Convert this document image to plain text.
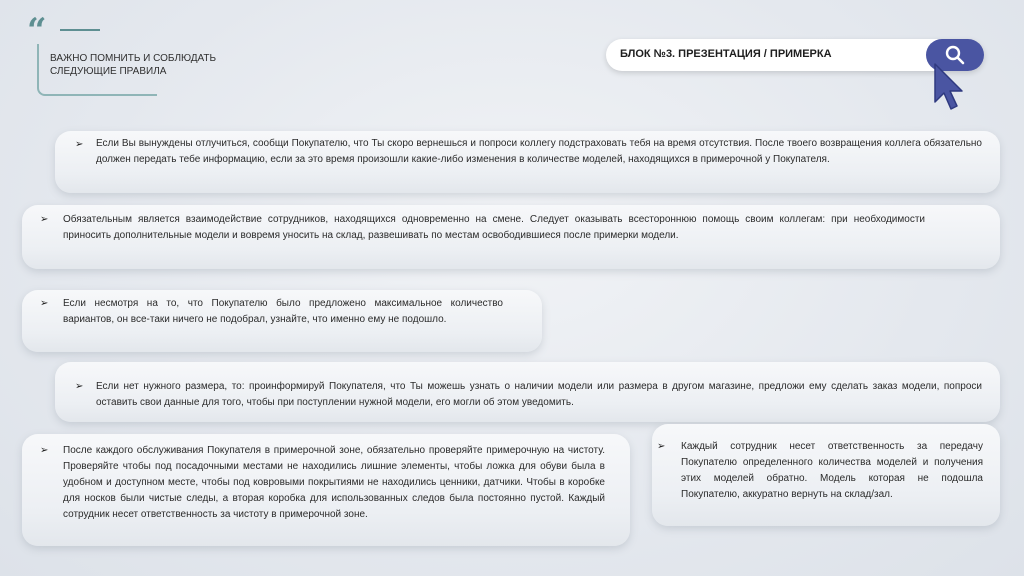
“
ВАЖНО ПОМНИТЬ И СОБЛЮДАТЬ
СЛЕДУЮЩИЕ ПРАВИЛА
БЛОК №3. ПРЕЗЕНТАЦИЯ / ПРИМЕРКА
➢ Если Вы вынуждены отлучиться, сообщи Покупателю, что Ты скоро вернешься и попроси коллегу подстраховать тебя на время отсутствия. После твоего возвращения коллега обязательно должен передать тебе информацию, если за это время произошли какие-либо изменения в количестве моделей, находящихся в примерочной у Покупателя.
➢ Обязательным является взаимодействие сотрудников, находящихся одновременно на смене. Следует оказывать всестороннюю помощь своим коллегам: при необходимости приносить дополнительные модели и вовремя уносить на склад, развешивать по местам освободившиеся после примерки модели.
➢ Если несмотря на то, что Покупателю было предложено максимальное количество вариантов, он все-таки ничего не подобрал, узнайте, что именно ему не подошло.
➢ Если нет нужного размера, то: проинформируй Покупателя, что Ты можешь узнать о наличии модели или размера в другом магазине, предложи ему сделать заказ модели, попроси оставить свои данные для того, чтобы при поступлении нужной модели, его могли об этом уведомить.
➢ После каждого обслуживания Покупателя в примерочной зоне, обязательно проверяйте примерочную на чистоту. Проверяйте чтобы под посадочными местами не находились лишние элементы, чтобы ложка для обуви была в удобном и доступном месте, чтобы под ковровыми покрытиями не находились ценники, датчики. Чтобы в коробке для носков были чистые следы, а вторая коробка для использованных следов была постоянно пустой. Каждый сотрудник несет ответственность за чистоту в примерочной зоне.
➢ Каждый сотрудник несет ответственность за передачу Покупателю определенного количества моделей и получения этих моделей обратно. Модель которая не подошла Покупателю, аккуратно вернуть на склад/зал.
